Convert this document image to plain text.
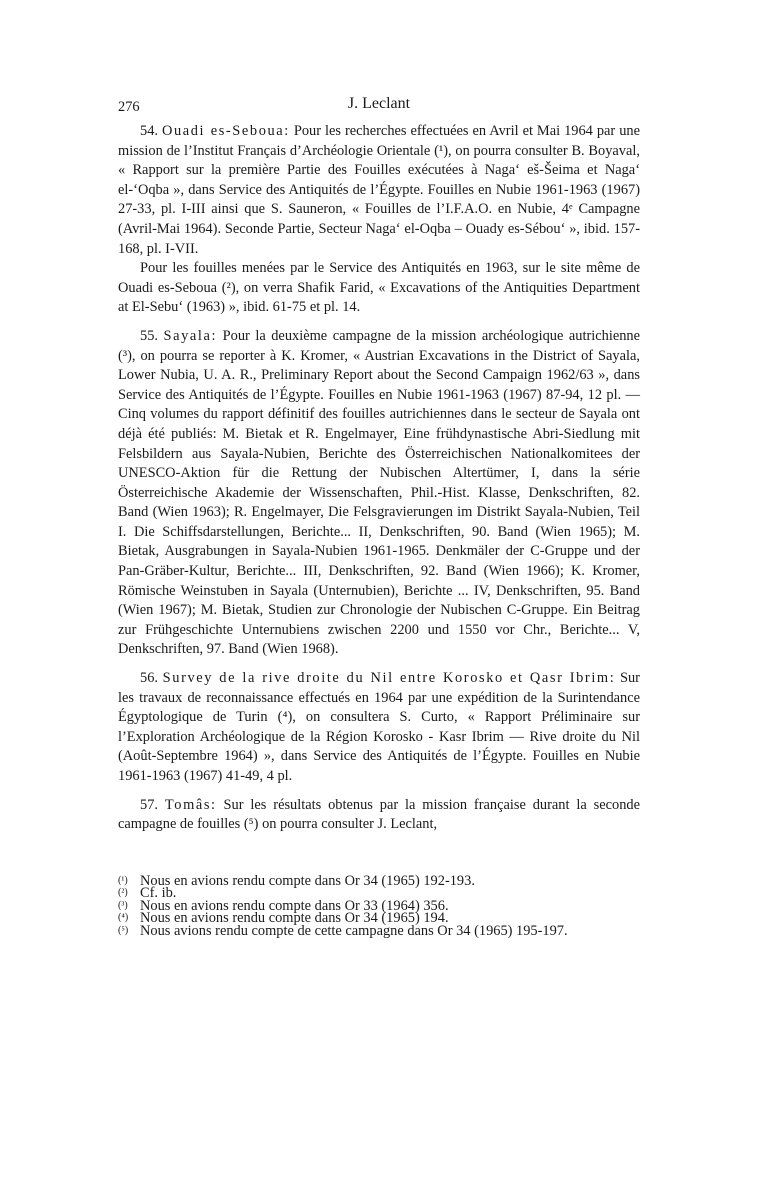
276	J. Leclant

54. Ouadi es-Seboua: Pour les recherches effectuées en Avril et Mai 1964 par une mission de l’Institut Français d’Archéologie Orientale (¹), on pourra consulter B. Boyaval, « Rapport sur la première Partie des Fouilles exécutées à Naga‘ eš-Šeima et Naga‘ el-‘Oqba », dans Service des Antiquités de l’Égypte. Fouilles en Nubie 1961-1963 (1967) 27-33, pl. I-III ainsi que S. Sauneron, « Fouilles de l’I.F.A.O. en Nubie, 4ᵉ Campagne (Avril-Mai 1964). Seconde Partie, Secteur Naga‘ el-Oqba – Ouady es-Sébou‘ », ibid. 157-168, pl. I-VII.

Pour les fouilles menées par le Service des Antiquités en 1963, sur le site même de Ouadi es-Seboua (²), on verra Shafik Farid, « Excavations of the Antiquities Department at El-Sebu‘ (1963) », ibid. 61-75 et pl. 14.

55. Sayala: Pour la deuxième campagne de la mission archéologique autrichienne (³), on pourra se reporter à K. Kromer, « Austrian Excavations in the District of Sayala, Lower Nubia, U. A. R., Preliminary Report about the Second Campaign 1962/63 », dans Service des Antiquités de l’Égypte. Fouilles en Nubie 1961-1963 (1967) 87-94, 12 pl. — Cinq volumes du rapport définitif des fouilles autrichiennes dans le secteur de Sayala ont déjà été publiés: M. Bietak et R. Engelmayer, Eine frühdynastische Abri-Siedlung mit Felsbildern aus Sayala-Nubien, Berichte des Österreichischen Nationalkomitees der UNESCO-Aktion für die Rettung der Nubischen Altertümer, I, dans la série Österreichische Akademie der Wissenschaften, Phil.-Hist. Klasse, Denkschriften, 82. Band (Wien 1963); R. Engelmayer, Die Felsgravierungen im Distrikt Sayala-Nubien, Teil I. Die Schiffsdarstellungen, Berichte... II, Denkschriften, 90. Band (Wien 1965); M. Bietak, Ausgrabungen in Sayala-Nubien 1961-1965. Denkmäler der C-Gruppe und der Pan-Gräber-Kultur, Berichte... III, Denkschriften, 92. Band (Wien 1966); K. Kromer, Römische Weinstuben in Sayala (Unternubien), Berichte ... IV, Denkschriften, 95. Band (Wien 1967); M. Bietak, Studien zur Chronologie der Nubischen C-Gruppe. Ein Beitrag zur Frühgeschichte Unternubiens zwischen 2200 und 1550 vor Chr., Berichte... V, Denkschriften, 97. Band (Wien 1968).

56. Survey de la rive droite du Nil entre Korosko et Qasr Ibrim: Sur les travaux de reconnaissance effectués en 1964 par une expédition de la Surintendance Égyptologique de Turin (⁴), on consultera S. Curto, « Rapport Préliminaire sur l’Exploration Archéologique de la Région Korosko - Kasr Ibrim — Rive droite du Nil (Août-Septembre 1964) », dans Service des Antiquités de l’Égypte. Fouilles en Nubie 1961-1963 (1967) 41-49, 4 pl.

57. Tomâs: Sur les résultats obtenus par la mission française durant la seconde campagne de fouilles (⁵) on pourra consulter J. Leclant,

(¹) Nous en avions rendu compte dans Or 34 (1965) 192-193.
(²) Cf. ib.
(³) Nous en avions rendu compte dans Or 33 (1964) 356.
(⁴) Nous en avions rendu compte dans Or 34 (1965) 194.
(⁵) Nous avions rendu compte de cette campagne dans Or 34 (1965) 195-197.
